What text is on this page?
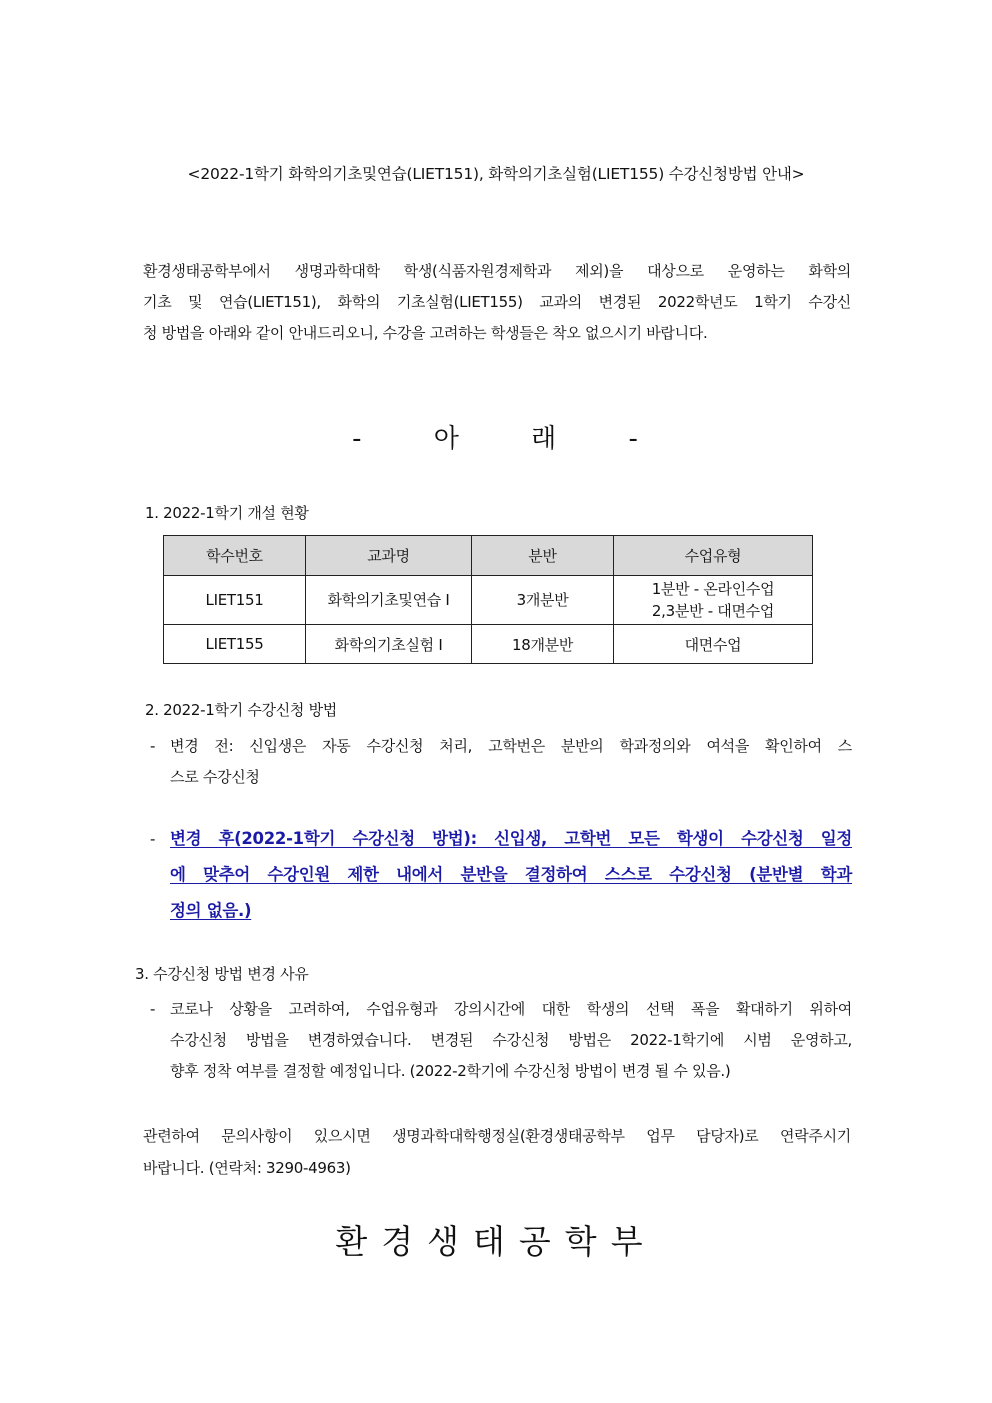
<2022-1학기 화학의기초및연습(LIET151), 화학의기초실험(LIET155) 수강신청방법 안내>
환경생태공학부에서 생명과학대학 학생(식품자원경제학과 제외)을 대상으로 운영하는 화학의
기초 및 연습(LIET151), 화학의 기초실험(LIET155) 교과의 변경된 2022학년도 1학기 수강신
청 방법을 아래와 같이 안내드리오니, 수강을 고려하는 학생들은 착오 없으시기 바랍니다.
- 아 래 -
1. 2022-1학기 개설 현황
학수번호	교과명	분반	수업유형
LIET151	화학의기초및연습 I	3개분반	1분반 - 온라인수업
2,3분반 - 대면수업

LIET155	화학의기초실험 I	18개분반	대면수업
2. 2022-1학기 수강신청 방법
- 변경 전: 신입생은 자동 수강신청 처리, 고학번은 분반의 학과정의와 여석을 확인하여 스
스로 수강신청
- 변경 후(2022-1학기 수강신청 방법): 신입생, 고학번 모든 학생이 수강신청 일정
에 맞추어 수강인원 제한 내에서 분반을 결정하여 스스로 수강신청 (분반별 학과
정의 없음.)
3. 수강신청 방법 변경 사유
- 코로나 상황을 고려하여, 수업유형과 강의시간에 대한 학생의 선택 폭을 확대하기 위하여
수강신청 방법을 변경하였습니다. 변경된 수강신청 방법은 2022-1학기에 시범 운영하고,
향후 정착 여부를 결정할 예정입니다. (2022-2학기에 수강신청 방법이 변경 될 수 있음.)
관련하여 문의사항이 있으시면 생명과학대학행정실(환경생태공학부 업무 담당자)로 연락주시기
바랍니다. (연락처: 3290-4963)
환경생태공학부
